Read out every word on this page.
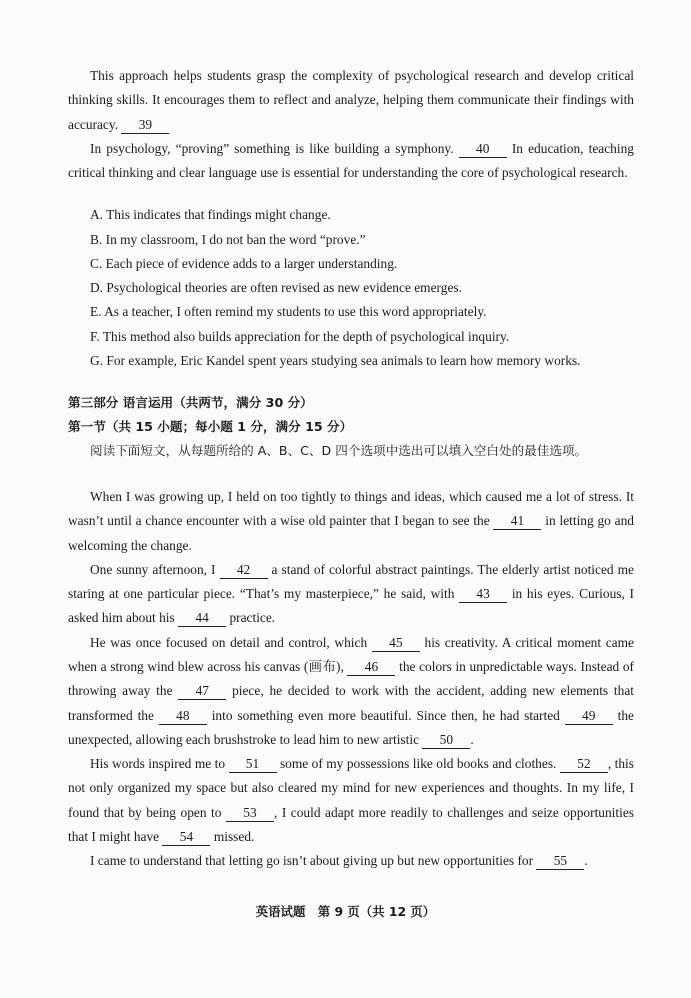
This approach helps students grasp the complexity of psychological research and develop critical thinking skills. It encourages them to reflect and analyze, helping them communicate their findings with accuracy. 39

In psychology, “proving” something is like building a symphony. 40 In education, teaching critical thinking and clear language use is essential for understanding the core of psychological research.

A. This indicates that findings might change.

B. In my classroom, I do not ban the word “prove.”

C. Each piece of evidence adds to a larger understanding.

D. Psychological theories are often revised as new evidence emerges.

E. As a teacher, I often remind my students to use this word appropriately.

F. This method also builds appreciation for the depth of psychological inquiry.

G. For example, Eric Kandel spent years studying sea animals to learn how memory works.

第三部分 语言运用（共两节，满分 30 分）

第一节（共 15 小题；每小题 1 分，满分 15 分）

阅读下面短文，从每题所给的 A、B、C、D 四个选项中选出可以填入空白处的最佳选项。

When I was growing up, I held on too tightly to things and ideas, which caused me a lot of stress. It wasn’t until a chance encounter with a wise old painter that I began to see the 41 in letting go and welcoming the change.

One sunny afternoon, I 42 a stand of colorful abstract paintings. The elderly artist noticed me staring at one particular piece. “That’s my masterpiece,” he said, with 43 in his eyes. Curious, I asked him about his 44 practice.

He was once focused on detail and control, which 45 his creativity. A critical moment came when a strong wind blew across his canvas (画布), 46 the colors in unpredictable ways. Instead of throwing away the 47 piece, he decided to work with the accident, adding new elements that transformed the 48 into something even more beautiful. Since then, he had started 49 the unexpected, allowing each brushstroke to lead him to new artistic 50 .

His words inspired me to 51 some of my possessions like old books and clothes. 52 , this not only organized my space but also cleared my mind for new experiences and thoughts. In my life, I found that by being open to 53 , I could adapt more readily to challenges and seize opportunities that I might have 54 missed.

I came to understand that letting go isn’t about giving up but new opportunities for 55 .

英语试题　第 9 页（共 12 页）
